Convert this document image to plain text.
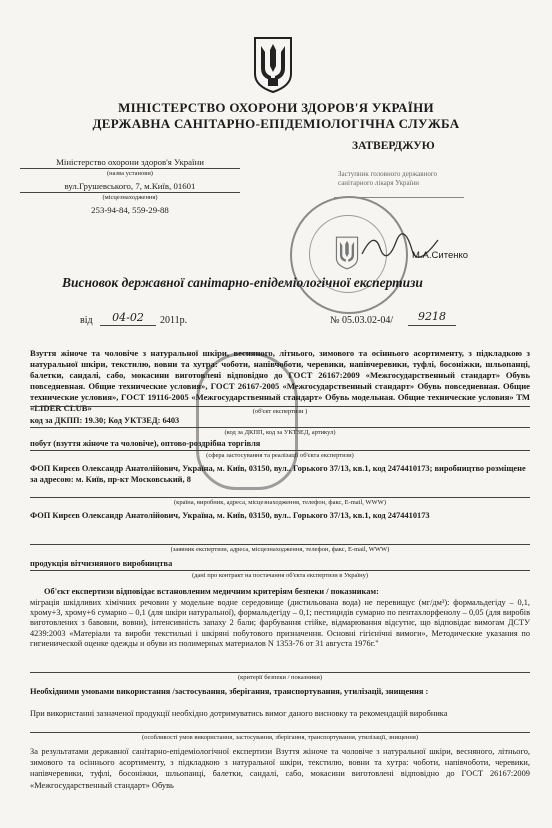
МІНІСТЕРСТВО ОХОРОНИ ЗДОРОВ'Я УКРАЇНИ
ДЕРЖАВНА САНІТАРНО-ЕПІДЕМІОЛОГІЧНА СЛУЖБА
ЗАТВЕРДЖУЮ
Міністерство охорони здоров'я України
(назва установи)
вул.Грушевського, 7, м.Київ, 01601
(місцезнаходження)
253-94-84, 559-29-88
Заступник головного державного санітарного лікаря України
М.А.Ситенко
Висновок державної санітарно-епідеміологічної експертизи
від	04-02	2011р.	№ 05.03.02-04/	9218
Взуття жіноче та чоловіче з натуральної шкіри, весняного, літнього, зимового та осіннього асортименту, з підкладкою з натуральної шкіри, текстилю, вовни та хутра: чоботи, напівчоботи, черевики, напівчеревики, туфлі, босоніжки, шльопанці, балетки, сандалі, сабо, мокасини виготовлені відповідно до ГОСТ 26167:2009 «Межгосударственный стандарт» Обувь повседневная. Общие технические условия», ГОСТ 26167-2005 «Межгосударственный стандарт» Обувь повседневная. Общие технические условия», ГОСТ 19116-2005 «Межгосударственный стандарт» Обувь модельная. Общие технические условия» ТМ «LIDER CLUB»	(об'єкт експертизи )
код за ДКПП: 19.30; Код УКТЗЕД: 6403
(код за ДКПП, код за УКТЗЕД, артикул)
побут (взуття жіноче та чоловіче), оптово-роздрібна торгівля
(сфера застосування та реалізації об'єкта експертизи)
ФОП Кирєєв Олександр Анатолійович, Україна, м. Київ, 03150, вул.. Горького 37/13, кв.1, код 2474410173; виробництво розміщене за адресою: м. Київ, пр-кт Московський, 8
(країна, виробник, адреса, місцезнаходження, телефон, факс, E-mail, WWW)
ФОП Кирєєв Олександр Анатолійович, Україна, м. Київ, 03150, вул.. Горького 37/13, кв.1, код 2474410173
(заявник експертизи, адреса, місцезнаходження, телефон, факс, E-mail, WWW)
продукція вітчизняного виробництва
(дані про контракт на постачання об'єкта експертизи в Україну)
Об'єкт експертизи відповідає встановленим медичним критеріям безпеки / показникам:
міграція шкідливих хімічних речовин у модельне водне середовище (дистильована вода) не перевищує (мг/дм³): формальдегіду – 0,1, хрому+3, хрому+6 сумарно – 0,1 (для шкіри натуральної), формальдегіду – 0,1; пестицидів сумарно по пентахлорфенолу – 0,05 (для виробів виготовлених з бавовни, вовни), інтенсивність запаху 2 бали; фарбування стійке, відмарювання відсутнє, що відповідає вимогам ДСТУ 4239:2003 «Матеріали та вироби текстильні і шкіряні побутового призначення. Основні гігієнічні вимоги», Методические указания по гигиенической оценке одежды и обуви из полимерных материалов N 1353-76 от 31 августа 1976г."
(критерії безпеки / показники)
Необхідними умовами використання /застосування, зберігання, транспортування, утилізації, знищення :
При використанні зазначеної продукції необхідно дотримуватись вимог даного висновку та рекомендацій виробника
(особливості умов використання, застосування, зберігання, транспортування, утилізації, знищення)
За результатами державної санітарно-епідеміологічної експертизи Взуття жіноче та чоловіче з натуральної шкіри, весняного, літнього, зимового та осіннього асортименту, з підкладкою з натуральної шкіри, текстилю, вовни та хутра: чоботи, напівчоботи, черевики, напівчеревики, туфлі, босоніжки, шльопанці, балетки, сандалі, сабо, мокасини виготовлені відповідно до ГОСТ 26167:2009 «Межгосударственный стандарт» Обувь
